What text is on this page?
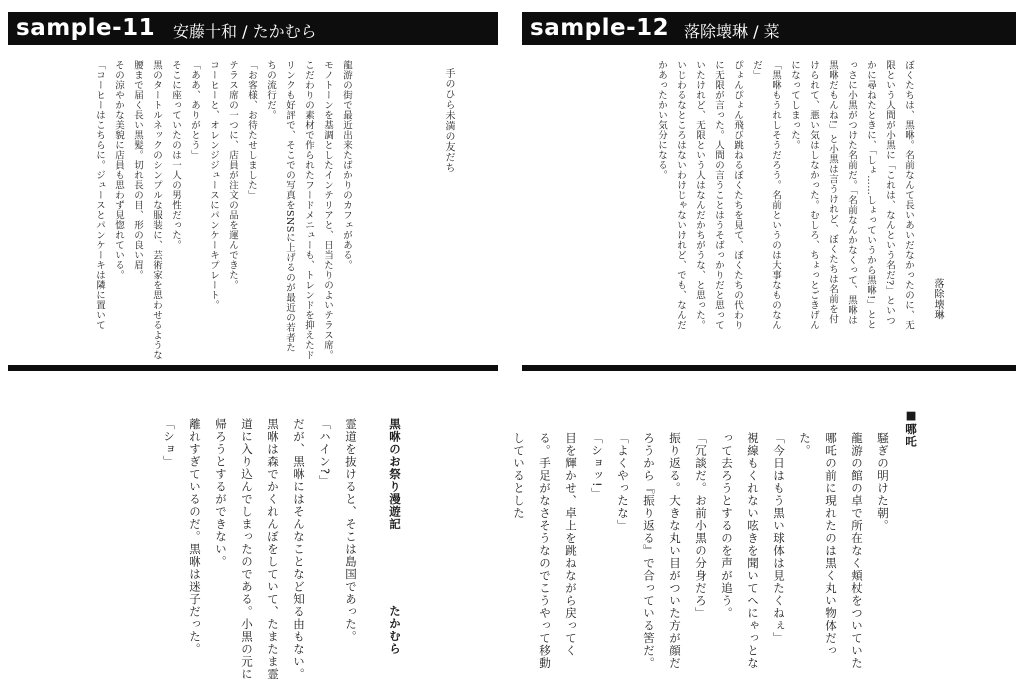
sample-11 安藤十和 / たかむら
手のひら未満の友だち

龍游の街で最近出来たばかりのカフェがある。

モノトーンを基調としたインテリアと、日当たりのよいテラス席。

こだわりの素材で作られたフードメニューも、トレンドを抑えたドリンクも好評で、そこでの写真をSNSに上げるのが最近の若者たちの流行だ。

「お客様、お待たせしました」

テラス席の一つに、店員が注文の品を運んできた。

コーヒーと、オレンジジュースにパンケーキプレート。

「ああ、ありがとう」

そこに座っていたのは一人の男性だった。

黒のタートルネックのシンプルな服装に、芸術家を思わせるような腰まで届く長い黒髪。切れ長の目、形の良い眉。

その涼やかな美貌に店員も思わず見惚れている。

「コーヒーはこちらに。ジュースとパンケーキは隣に置いて

sample-12 落除壊琳 / 菜
落除壊琳

ぼくたちは、黒咻。名前なんて長いあいだなかったのに、无限という人間が小黒に「これは、なんという名だ?」といつかに尋ねたときに、「しょ……しょっていうから黒咻!」ととっさに小黒がつけた名前だ。「名前なんかなくって、黒咻は黒咻だもんね!」と小黒は言うけれど、ぼくたちは名前を付けられて、悪い気はしなかった。むしろ、ちょっとごきげんになってしまった。

「黒咻もうれしそうだろう。名前というのは大事なものなんだ」

ぴょんぴょん飛び跳ねるぼくたちを見て、ぼくたちの代わりに无限が言った。人間の言うことはうそばっかりだと思っていたけれど、无限という人はなんだかちがうな、と思った。いじわるなところはないわけじゃないけれど、でも、なんだかあったかい気分になる。

黒咻のお祭り漫遊記
たかむら

霊道を抜けると、そこは島国であった。

「ハイン?」

だが、黒咻にはそんなことなど知る由もない。黒咻は森でかくれんぼをしていて、たまたま霊道に入り込んでしまったのである。小黒の元に帰ろうとするができない。

離れすぎているのだ。黒咻は迷子だった。

「ショ」	■哪吒

騒ぎの明けた朝。

龍游の館の卓で所在なく頬杖をついていた哪吒の前に現れたのは黒く丸い物体だった。

「今日はもう黒い球体は見たくねぇ」

視線もくれない呟きを聞いてへにゃっとなって去ろうとするのを声が追う。

「冗談だ。お前小黒の分身だろ」

振り返る。大きな丸い目がついた方が顔だろうから『振り返る』で合っている筈だ。

「よくやったな」

「ショッ!」

目を輝かせ、卓上を跳ねながら戻ってくる。手足がなさそうなのでこうやって移動しているとした
